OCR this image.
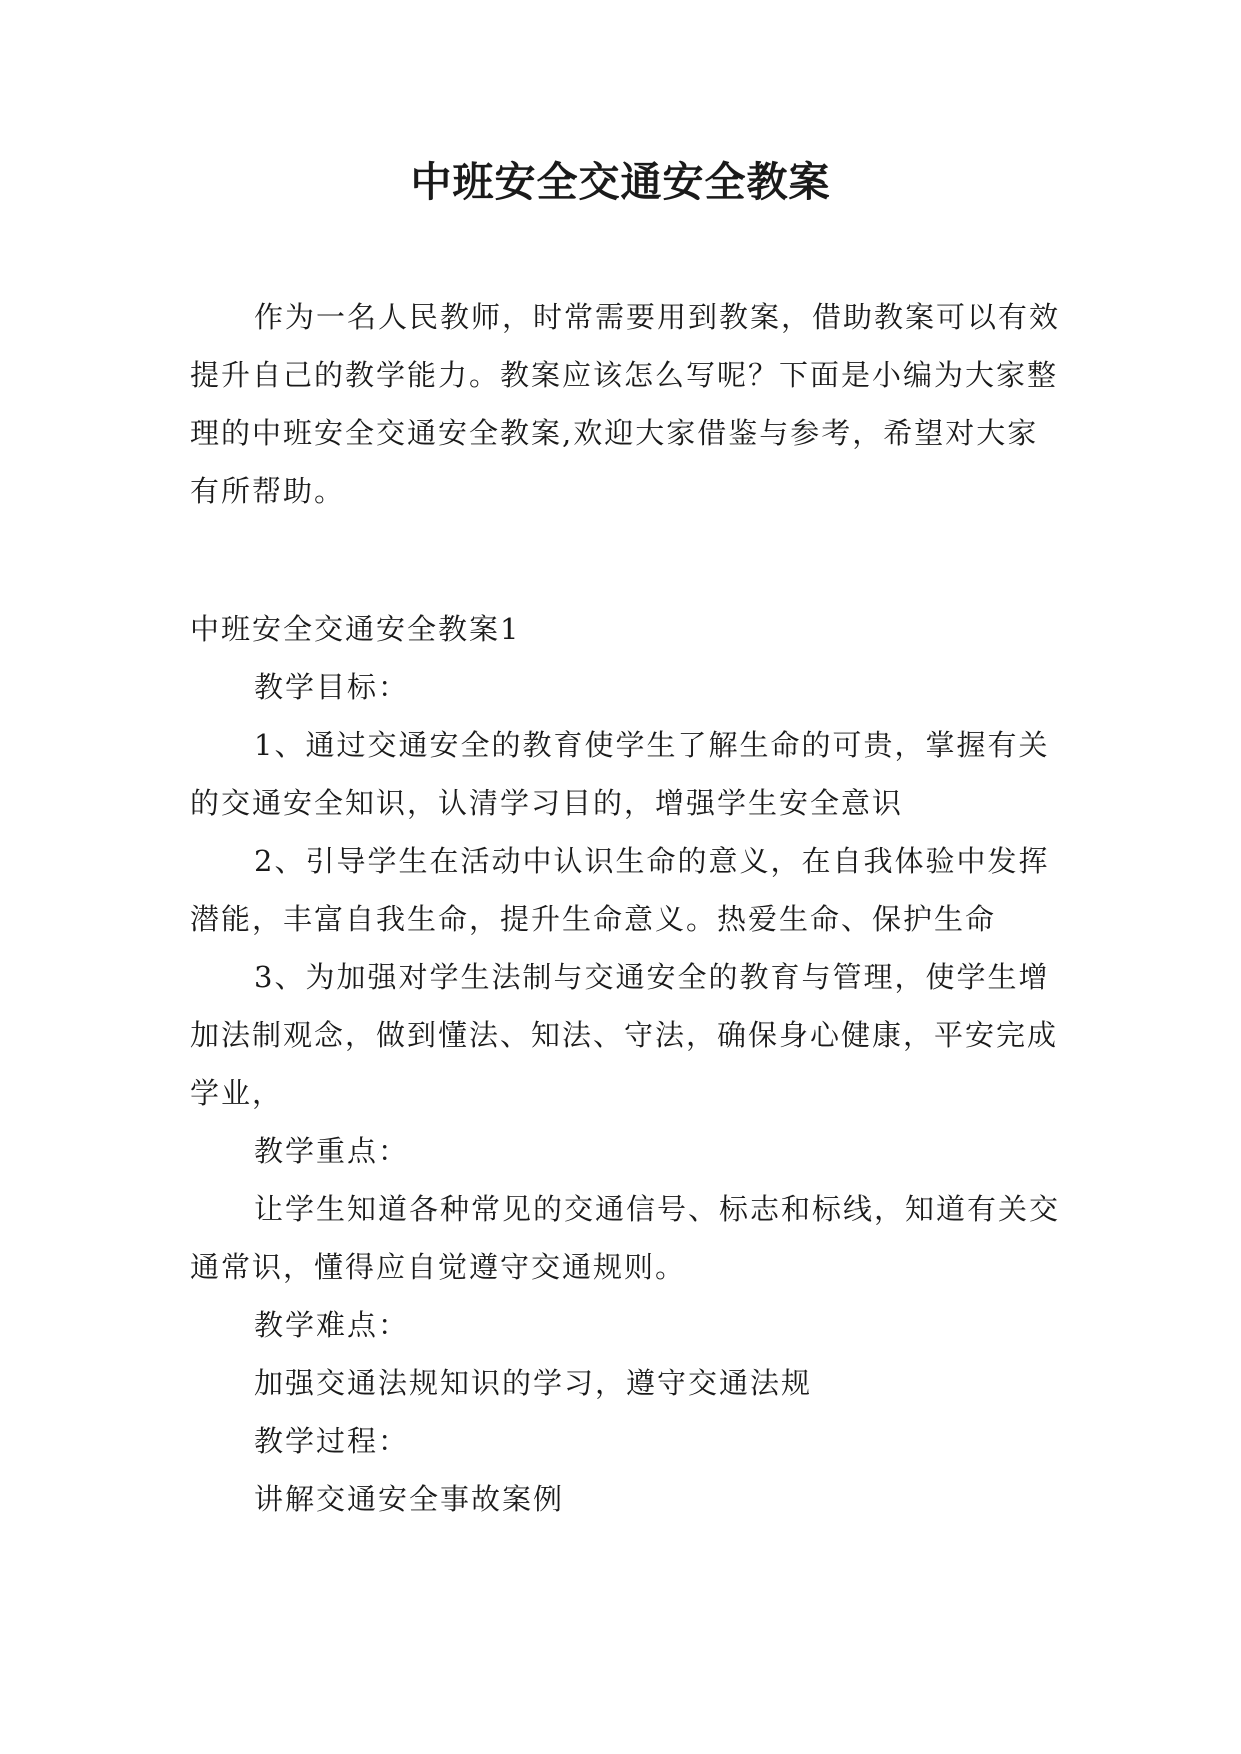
中班安全交通安全教案

作为一名人民教师，时常需要用到教案，借助教案可以有效提升自己的教学能力。教案应该怎么写呢？下面是小编为大家整理的中班安全交通安全教案,欢迎大家借鉴与参考，希望对大家有所帮助。

中班安全交通安全教案1

教学目标：

1、通过交通安全的教育使学生了解生命的可贵，掌握有关的交通安全知识，认清学习目的，增强学生安全意识

2、引导学生在活动中认识生命的意义，在自我体验中发挥潜能，丰富自我生命，提升生命意义。热爱生命、保护生命

3、为加强对学生法制与交通安全的教育与管理，使学生增加法制观念，做到懂法、知法、守法，确保身心健康，平安完成学业，

教学重点：

让学生知道各种常见的交通信号、标志和标线，知道有关交通常识，懂得应自觉遵守交通规则。

教学难点：

加强交通法规知识的学习，遵守交通法规

教学过程：

讲解交通安全事故案例
